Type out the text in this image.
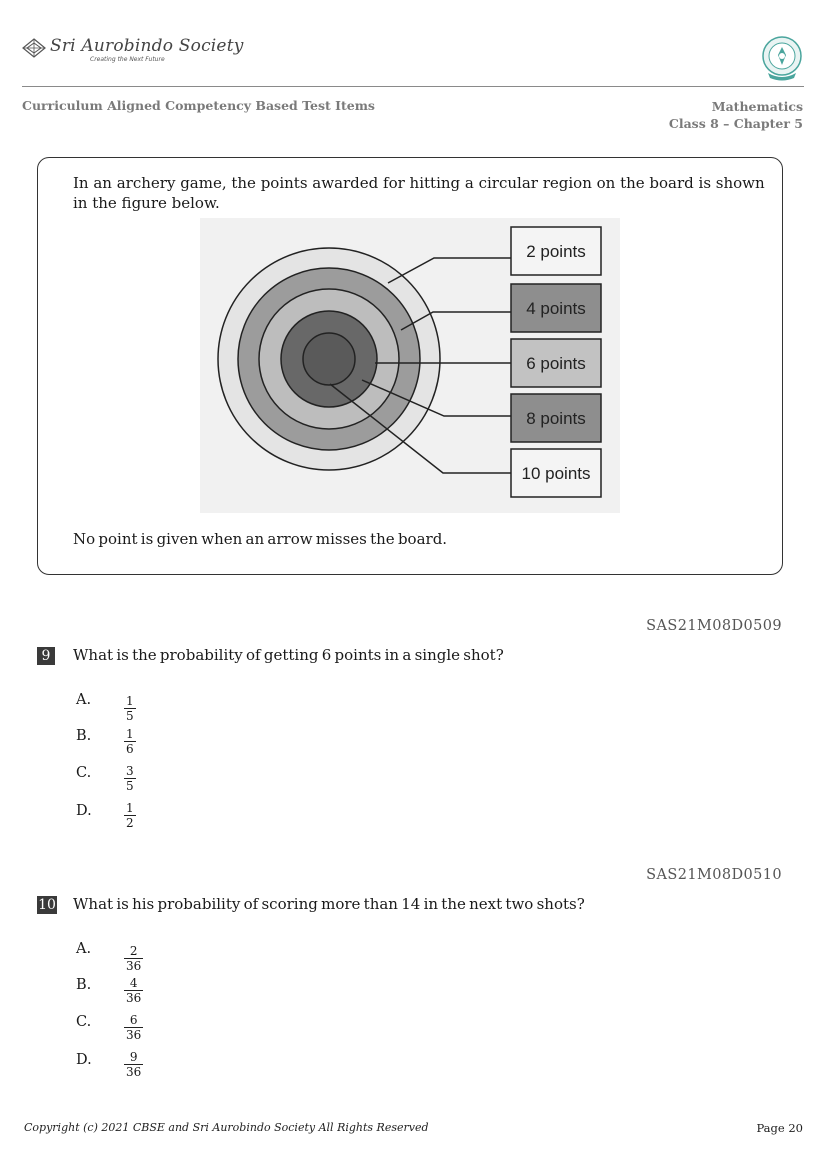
Sri Aurobindo Society
Creating the Next Future
Curriculum Aligned Competency Based Test Items	Mathematics
Class 8 – Chapter 5
In an archery game, the points awarded for hitting a circular region on the board is shown in the figure below.
2 points
4 points
6 points
8 points
10 points
No point is given when an arrow misses the board.
SAS21M08D0509
9	What is the probability of getting 6 points in a single shot?
A.	$\frac{1}{5}$
B.	$\frac{1}{6}$
C.	$\frac{3}{5}$
D.	$\frac{1}{2}$
SAS21M08D0510
10 What is his probability of scoring more than 14 in the next two shots?
A.	$\frac{2}{36}$
B.	$\frac{4}{36}$
C.	$\frac{6}{36}$
D.	$\frac{9}{36}$
Copyright (c) 2021 CBSE and Sri Aurobindo Society All Rights Reserved	Page 20
